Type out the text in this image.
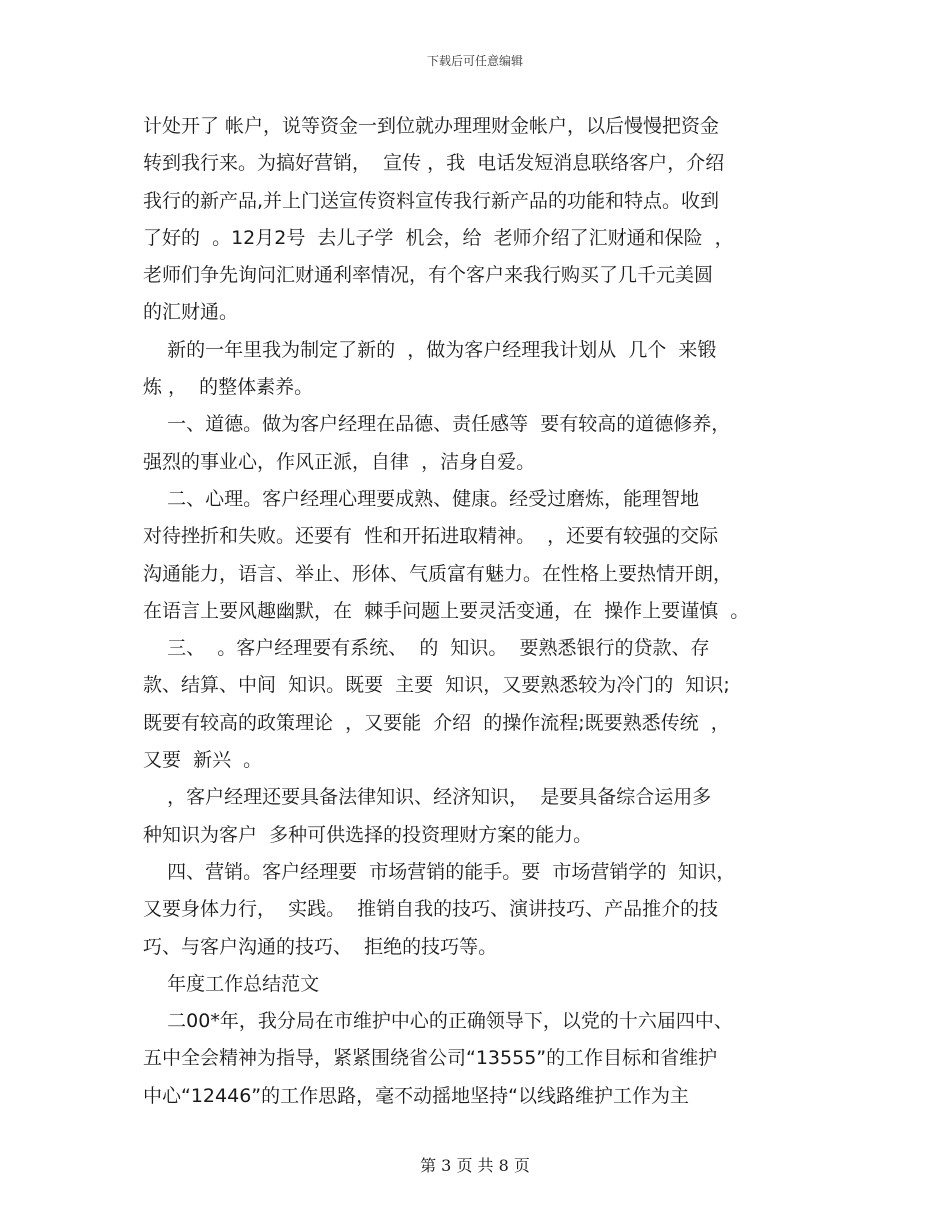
下载后可任意编辑
计处开了 帐户，说等资金一到位就办理理财金帐户，以后慢慢把资金
转到我行来。为搞好营销，  宣传 ，我  电话发短消息联络客户，介绍
我行的新产品,并上门送宣传资料宣传我行新产品的功能和特点。收到
了好的  。12月2号  去儿子学  机会，给  老师介绍了汇财通和保险  ，
老师们争先询问汇财通利率情况，有个客户来我行购买了几千元美圆
的汇财通。
新的一年里我为制定了新的  ，做为客户经理我计划从  几个  来锻
炼 ，  的整体素养。
一、道德。做为客户经理在品德、责任感等  要有较高的道德修养，
强烈的事业心，作风正派，自律  ，洁身自爱。
二、心理。客户经理心理要成熟、健康。经受过磨炼，能理智地
对待挫折和失败。还要有  性和开拓进取精神。  ，还要有较强的交际
沟通能力，语言、举止、形体、气质富有魅力。在性格上要热情开朗，
在语言上要风趣幽默，在  棘手问题上要灵活变通，在  操作上要谨慎  。
三、  。客户经理要有系统、  的  知识。  要熟悉银行的贷款、存
款、结算、中间  知识。既要  主要  知识，又要熟悉较为冷门的  知识;
既要有较高的政策理论  ，又要能  介绍  的操作流程;既要熟悉传统  ，
又要  新兴  。
，客户经理还要具备法律知识、经济知识，  是要具备综合运用多
种知识为客户  多种可供选择的投资理财方案的能力。
四、营销。客户经理要  市场营销的能手。要  市场营销学的  知识，
又要身体力行，  实践。  推销自我的技巧、演讲技巧、产品推介的技
巧、与客户沟通的技巧、  拒绝的技巧等。
年度工作总结范文
二00*年，我分局在市维护中心的正确领导下，以党的十六届四中、
五中全会精神为指导，紧紧围绕省公司“13555”的工作目标和省维护
中心“12446”的工作思路，毫不动摇地坚持“以线路维护工作为主
第 3 页 共 8 页
